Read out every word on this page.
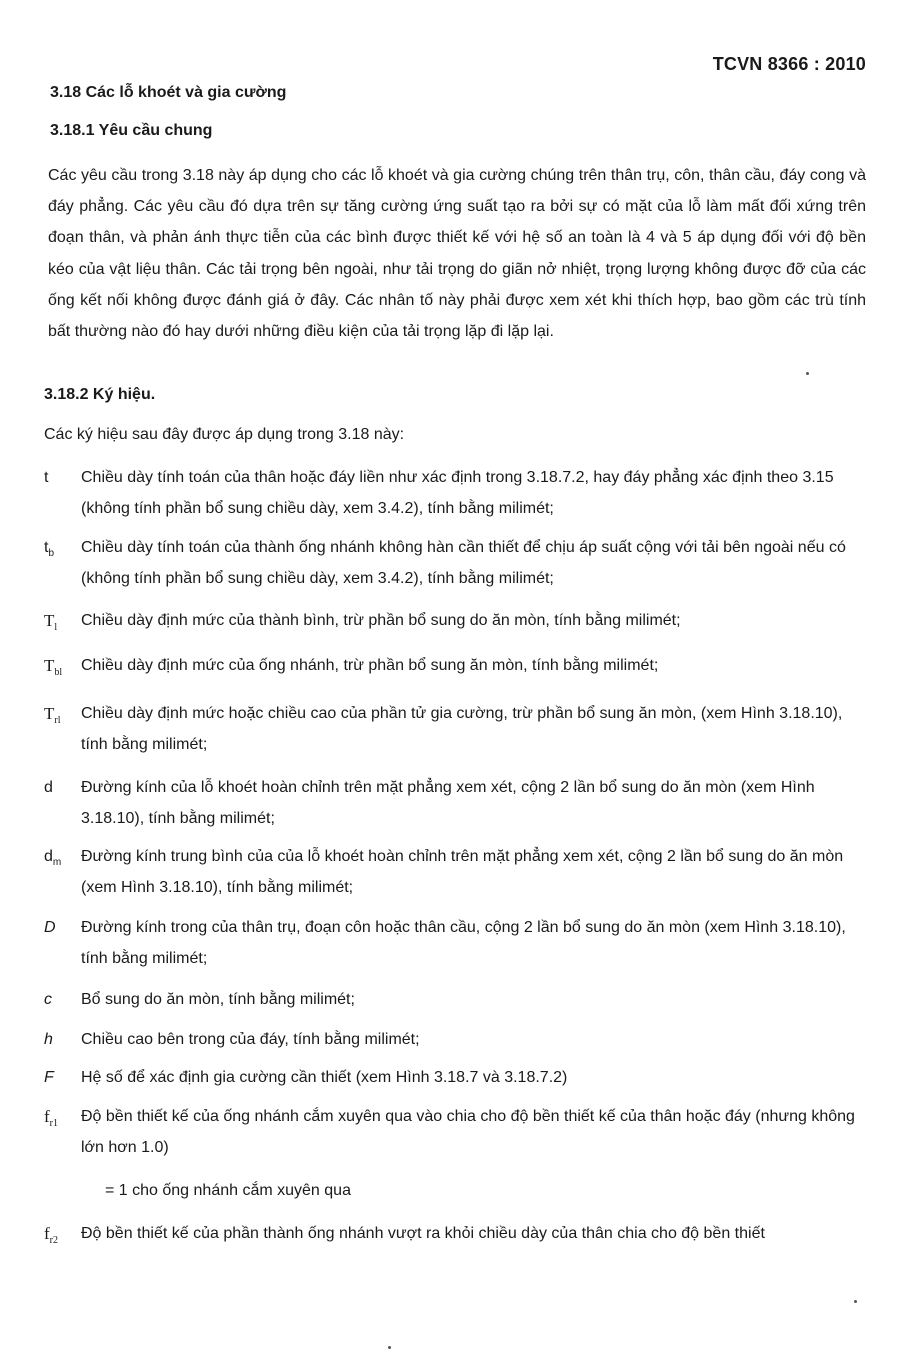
TCVN 8366 : 2010
3.18 Các lỗ khoét và gia cường
3.18.1 Yêu cầu chung

Các yêu cầu trong 3.18 này áp dụng cho các lỗ khoét và gia cường chúng trên thân trụ, côn, thân cầu, đáy cong và đáy phẳng. Các yêu cầu đó dựa trên sự tăng cường ứng suất tạo ra bởi sự có mặt của lỗ làm mất đối xứng trên đoạn thân, và phản ánh thực tiễn của các bình được thiết kế với hệ số an toàn là 4 và 5 áp dụng đối với độ bền kéo của vật liệu thân. Các tải trọng bên ngoài, như tải trọng do giãn nở nhiệt, trọng lượng không được đỡ của các ống kết nối không được đánh giá ở đây. Các nhân tố này phải được xem xét khi thích hợp, bao gồm các trù tính bất thường nào đó hay dưới những điều kiện của tải trọng lặp đi lặp lại.

3.18.2 Ký hiệu.
Các ký hiệu sau đây được áp dụng trong 3.18 này:
t	Chiều dày tính toán của thân hoặc đáy liền như xác định trong 3.18.7.2, hay đáy phẳng xác định theo 3.15 (không tính phần bổ sung chiều dày, xem 3.4.2), tính bằng milimét;
$t_b$	Chiều dày tính toán của thành ống nhánh không hàn cần thiết để chịu áp suất cộng với tải bên ngoài nếu có (không tính phần bổ sung chiều dày, xem 3.4.2), tính bằng milimét;
$T_l$	Chiều dày định mức của thành bình, trừ phần bổ sung do ăn mòn, tính bằng milimét;
$T_{bl}$	Chiều dày định mức của ống nhánh, trừ phần bổ sung ăn mòn, tính bằng milimét;
$T_{rl}$	Chiều dày định mức hoặc chiều cao của phần tử gia cường, trừ phần bổ sung ăn mòn, (xem Hình 3.18.10), tính bằng milimét;
d	Đường kính của lỗ khoét hoàn chỉnh trên mặt phẳng xem xét, cộng 2 lần bổ sung do ăn mòn (xem Hình 3.18.10), tính bằng milimét;
$d_m$	Đường kính trung bình của của lỗ khoét hoàn chỉnh trên mặt phẳng xem xét, cộng 2 lần bổ sung do ăn mòn (xem Hình 3.18.10), tính bằng milimét;
D	Đường kính trong của thân trụ, đoạn côn hoặc thân cầu, cộng 2 lần bổ sung do ăn mòn (xem Hình 3.18.10), tính bằng milimét;
c	Bổ sung do ăn mòn, tính bằng milimét;
h	Chiều cao bên trong của đáy, tính bằng milimét;
F	Hệ số để xác định gia cường cần thiết (xem Hình 3.18.7 và 3.18.7.2)
$f_{r1}$	Độ bền thiết kế của ống nhánh cắm xuyên qua vào chia cho độ bền thiết kế của thân hoặc đáy (nhưng không lớn hơn 1.0)
= 1 cho ống nhánh cắm xuyên qua
$f_{r2}$	Độ bền thiết kế của phần thành ống nhánh vượt ra khỏi chiều dày của thân chia cho độ bền thiết
